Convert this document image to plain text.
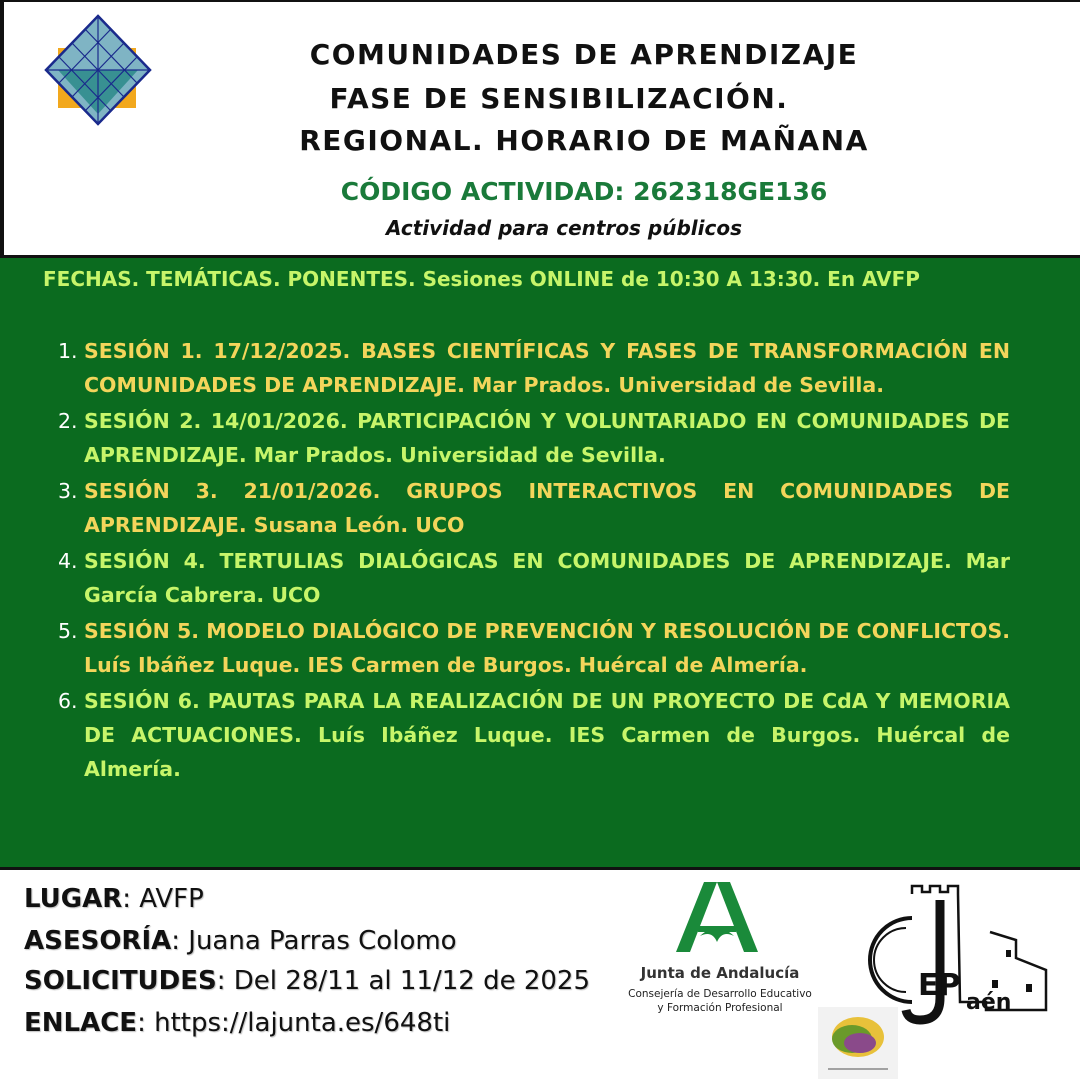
COMUNIDADES DE APRENDIZAJE
FASE DE SENSIBILIZACIÓN.
REGIONAL. HORARIO DE MAÑANA
CÓDIGO ACTIVIDAD: 262318GE136
Actividad para centros públicos
FECHAS. TEMÁTICAS. PONENTES. Sesiones ONLINE de 10:30 A 13:30. En AVFP
1. SESIÓN 1. 17/12/2025. BASES CIENTÍFICAS Y FASES DE TRANSFORMACIÓN EN COMUNIDADES DE APRENDIZAJE. Mar Prados. Universidad de Sevilla.
2. SESIÓN 2. 14/01/2026. PARTICIPACIÓN Y VOLUNTARIADO EN COMUNIDADES DE APRENDIZAJE. Mar Prados. Universidad de Sevilla.
3. SESIÓN 3. 21/01/2026. GRUPOS INTERACTIVOS EN COMUNIDADES DE APRENDIZAJE. Susana León. UCO
4. SESIÓN 4. TERTULIAS DIALÓGICAS EN COMUNIDADES DE APRENDIZAJE. Mar García Cabrera. UCO
5. SESIÓN 5. MODELO DIALÓGICO DE PREVENCIÓN Y RESOLUCIÓN DE CONFLICTOS. Luís Ibáñez Luque. IES Carmen de Burgos. Huércal de Almería.
6. SESIÓN 6. PAUTAS PARA LA REALIZACIÓN DE UN PROYECTO DE CdA Y MEMORIA DE ACTUACIONES. Luís Ibáñez Luque. IES Carmen de Burgos. Huércal de Almería.
LUGAR: AVFP
ASESORÍA: Juana Parras Colomo
SOLICITUDES: Del 28/11 al 11/12 de 2025
ENLACE: https://lajunta.es/648ti
Junta de Andalucía
Consejería de Desarrollo Educativo
y Formación Profesional
EP aén
